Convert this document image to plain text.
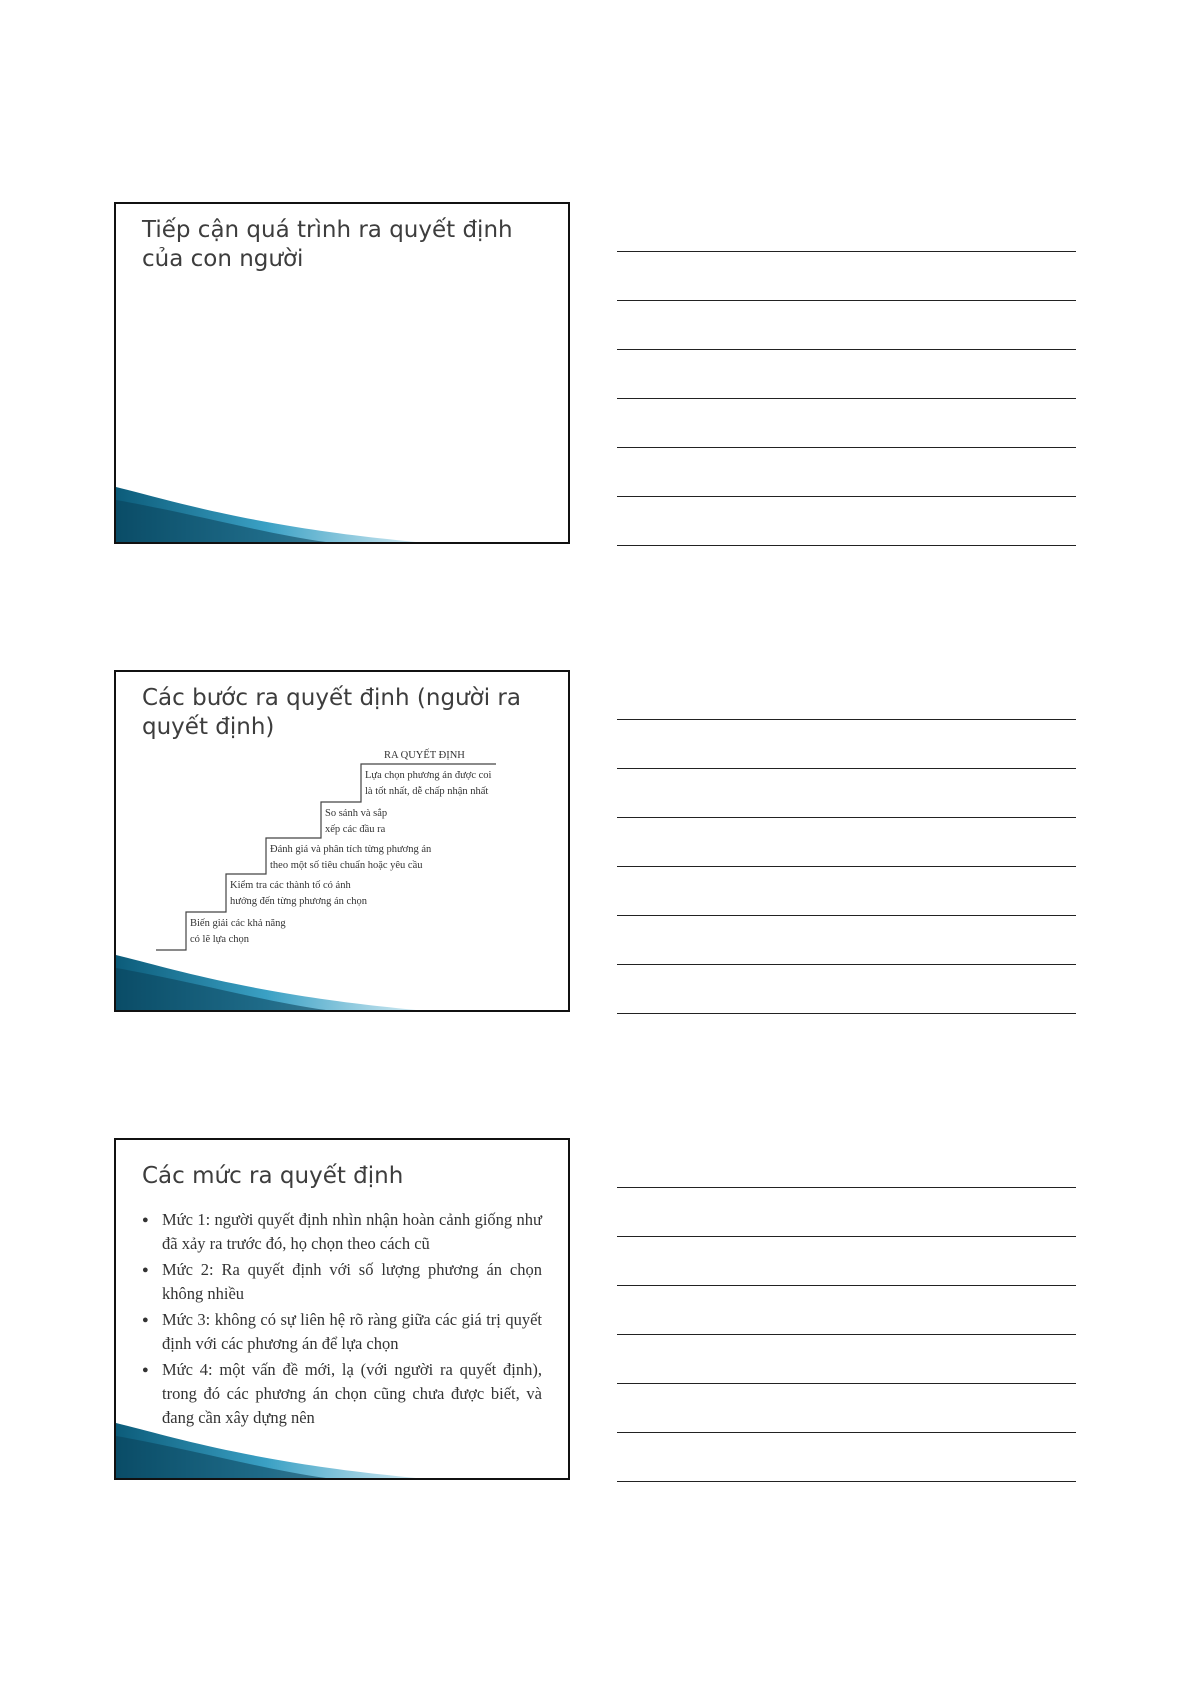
Tiếp cận quá trình ra quyết định
của con người
Các bước ra quyết định (người ra
quyết định)
RA QUYẾT ĐỊNH
Biến giải các khả năng
có lẽ lựa chọn
Kiểm tra các thành tố có ảnh
hưởng đến từng phương án chọn
Đánh giá và phân tích từng phương án
theo một số tiêu chuẩn hoặc yêu cầu
So sánh và sắp
xếp các đầu ra
Lựa chọn phương án được coi
là tốt nhất, dễ chấp nhận nhất
Các mức ra quyết định
● Mức 1: người quyết định nhìn nhận hoàn cảnh giống như đã xảy ra trước đó, họ chọn theo cách cũ
● Mức 2: Ra quyết định với số lượng phương án chọn không nhiều
● Mức 3: không có sự liên hệ rõ ràng giữa các giá trị quyết định với các phương án để lựa chọn
● Mức 4: một vấn đề mới, lạ (với người ra quyết định), trong đó các phương án chọn cũng chưa được biết, và đang cần xây dựng nên
